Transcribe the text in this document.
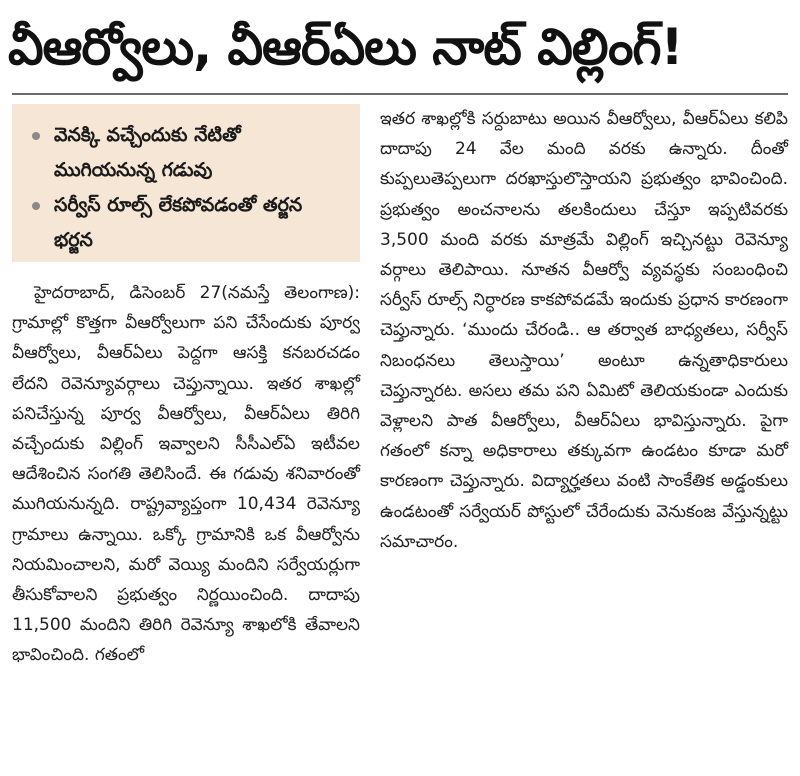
వీఆర్వోలు, వీఆర్ఏలు నాట్ విల్లింగ్!
వెనక్కి వచ్చేందుకు నేటితో ముగియనున్న గడువు
సర్వీస్ రూల్స్ లేకపోవడంతో తర్జన భర్జన
హైదరాబాద్, డిసెంబర్ 27(నమస్తే తెలంగాణ): గ్రామాల్లో కొత్తగా వీఆర్వోలుగా పని చేసేందుకు పూర్వ వీఆర్వోలు, వీఆర్ఏలు పెద్దగా ఆసక్తి కనబరచడం లేదని రెవెన్యూవర్గాలు చెప్తున్నాయి. ఇతర శాఖల్లో పనిచేస్తున్న పూర్వ వీఆర్వోలు, వీఆర్ఏలు తిరిగి వచ్చేందుకు విల్లింగ్ ఇవ్వాలని సీసీఎల్ఏ ఇటీవల ఆదేశించిన సంగతి తెలిసిందే. ఈ గడువు శనివారంతో ముగియనున్నది. రాష్ట్రవ్యాప్తంగా 10,434 రెవెన్యూ గ్రామాలు ఉన్నాయి. ఒక్కో గ్రామానికి ఒక వీఆర్వోను నియమించాలని, మరో వెయ్యి మందిని సర్వేయర్లుగా తీసుకోవాలని ప్రభుత్వం నిర్ణయించింది. దాదాపు 11,500 మందిని తిరిగి రెవెన్యూ శాఖలోకి తేవాలని భావించింది. గతంలో
ఇతర శాఖల్లోకి సర్దుబాటు అయిన వీఆర్వోలు, వీఆర్ఏలు కలిపి దాదాపు 24 వేల మంది వరకు ఉన్నారు. దీంతో కుప్పలుతెప్పలుగా దరఖాస్తులొస్తాయని ప్రభుత్వం భావించింది. ప్రభుత్వం అంచనాలను తలకిందులు చేస్తూ ఇప్పటివరకు 3,500 మంది వరకు మాత్రమే విల్లింగ్ ఇచ్చినట్టు రెవెన్యూ వర్గాలు తెలిపాయి. నూతన వీఆర్వో వ్యవస్థకు సంబంధించి సర్వీస్ రూల్స్ నిర్ధారణ కాకపోవడమే ఇందుకు ప్రధాన కారణంగా చెప్తున్నారు. ‘ముందు చేరండి.. ఆ తర్వాత బాధ్యతలు, సర్వీస్ నిబంధనలు తెలుస్తాయి’ అంటూ ఉన్నతాధికారులు చెప్తున్నారట. అసలు తమ పని ఏమిటో తెలియకుండా ఎందుకు వెళ్లాలని పాత వీఆర్వోలు, వీఆర్ఏలు భావిస్తున్నారు. పైగా గతంలో కన్నా అధికారాలు తక్కువగా ఉండటం కూడా మరో కారణంగా చెప్తున్నారు. విద్యార్హతలు వంటి సాంకేతిక అడ్డంకులు ఉండటంతో సర్వేయర్ పోస్టులో చేరేందుకు వెనుకంజ వేస్తున్నట్టు సమాచారం.
